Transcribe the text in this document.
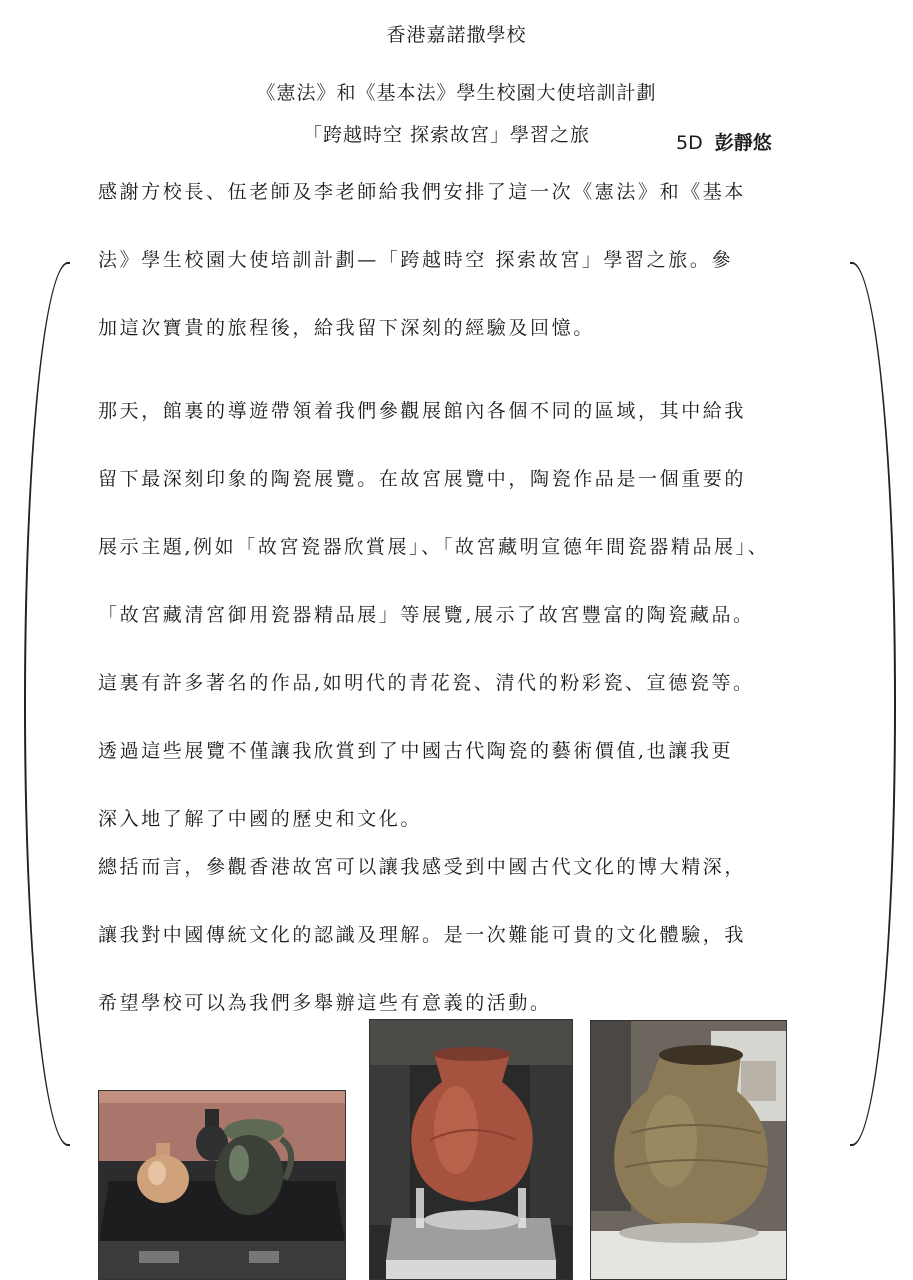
香港嘉諾撒學校
《憲法》和《基本法》學生校園大使培訓計劃
「跨越時空 探索故宮」學習之旅	5D 彭靜悠
感謝方校長、伍老師及李老師給我們安排了這一次《憲法》和《基本
法》學生校園大使培訓計劃—「跨越時空 探索故宮」學習之旅。參
加這次寶貴的旅程後，給我留下深刻的經驗及回憶。
那天，館裏的導遊帶領着我們參觀展館內各個不同的區域，其中給我
留下最深刻印象的陶瓷展覽。在故宮展覽中，陶瓷作品是一個重要的
展示主題,例如「故宮瓷器欣賞展」、「故宮藏明宣德年間瓷器精品展」、
「故宮藏清宮御用瓷器精品展」等展覽,展示了故宮豐富的陶瓷藏品。
這裏有許多著名的作品,如明代的青花瓷、清代的粉彩瓷、宣德瓷等。
透過這些展覽不僅讓我欣賞到了中國古代陶瓷的藝術價值,也讓我更
深入地了解了中國的歷史和文化。
總括而言，參觀香港故宮可以讓我感受到中國古代文化的博大精深，
讓我對中國傳統文化的認識及理解。是一次難能可貴的文化體驗，我
希望學校可以為我們多舉辦這些有意義的活動。
